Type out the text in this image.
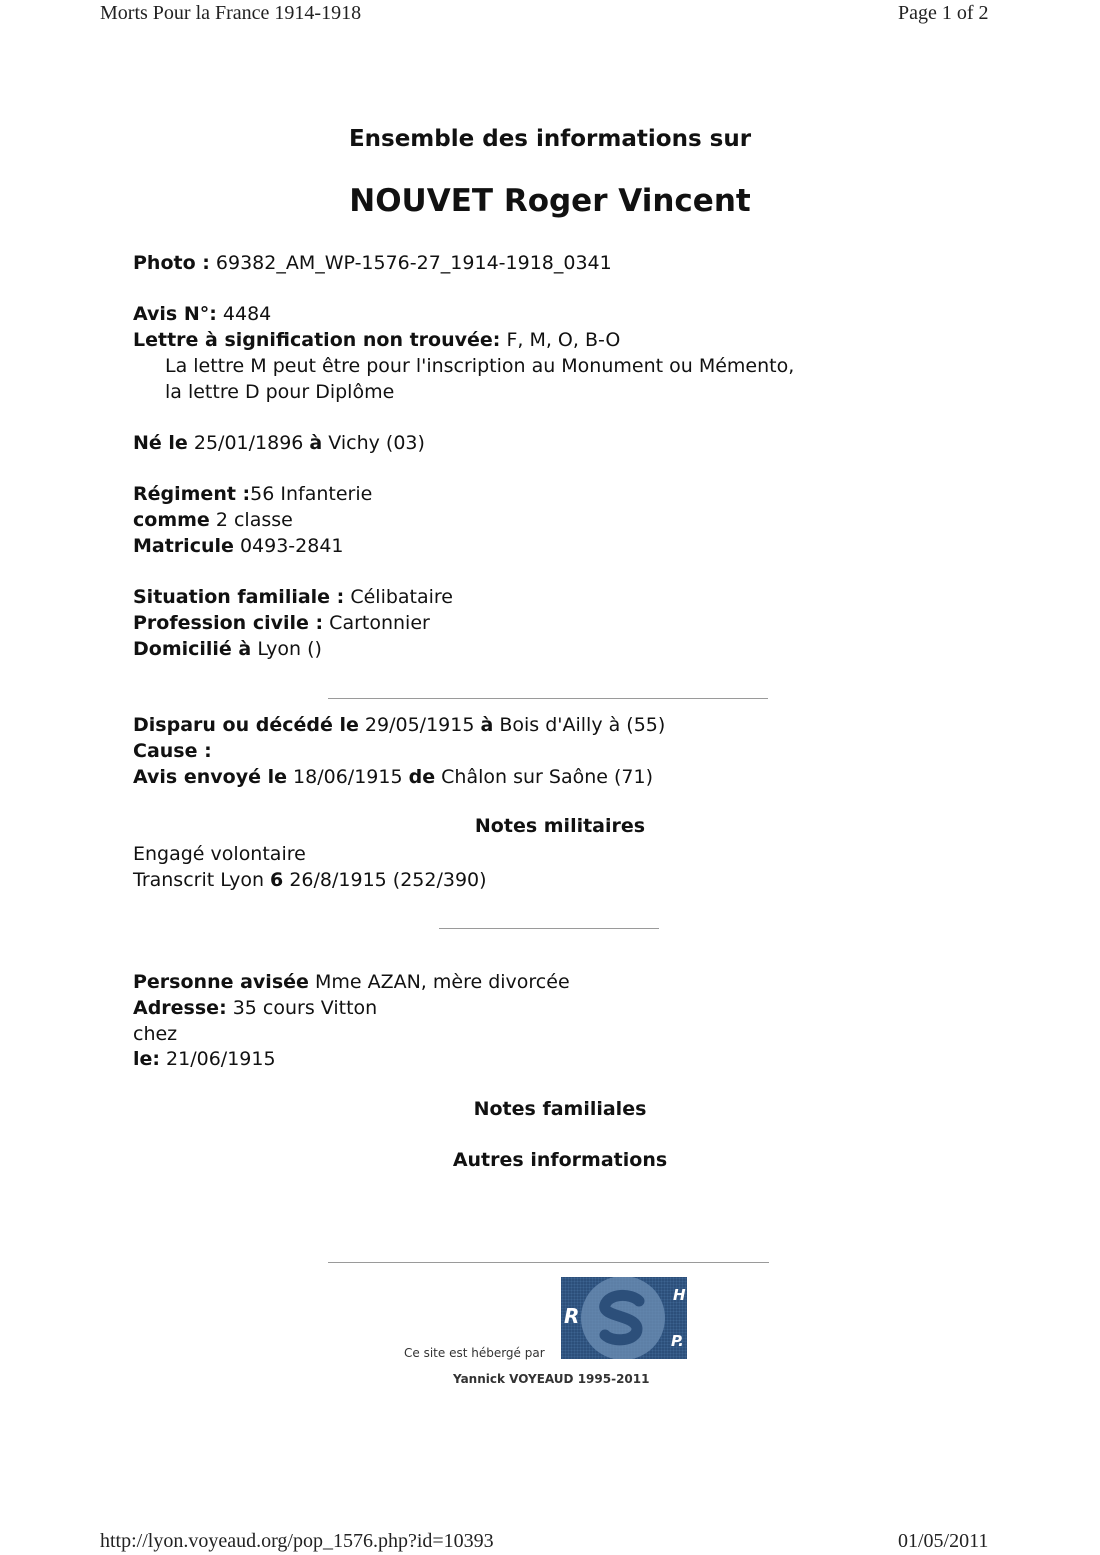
Morts Pour la France 1914-1918	Page 1 of 2
Ensemble des informations sur
NOUVET Roger Vincent
Photo : 69382_AM_WP-1576-27_1914-1918_0341
Avis N°: 4484
Lettre à signification non trouvée: F, M, O, B-O
La lettre M peut être pour l'inscription au Monument ou Mémento,
la lettre D pour Diplôme
Né le 25/01/1896 à Vichy (03)
Régiment :56 Infanterie
comme 2 classe
Matricule 0493-2841
Situation familiale : Célibataire
Profession civile : Cartonnier
Domicilié à Lyon ()
Disparu ou décédé le 29/05/1915 à Bois d'Ailly à (55)
Cause :
Avis envoyé le 18/06/1915 de Châlon sur Saône (71)
Notes militaires
Engagé volontaire
Transcrit Lyon 6 26/8/1915 (252/390)
Personne avisée Mme AZAN, mère divorcée
Adresse: 35 cours Vitton
chez
le: 21/06/1915
Notes familiales
Autres informations
Ce site est hébergé par
R
H
P.
Yannick VOYEAUD 1995-2011
http://lyon.voyeaud.org/pop_1576.php?id=10393	01/05/2011
